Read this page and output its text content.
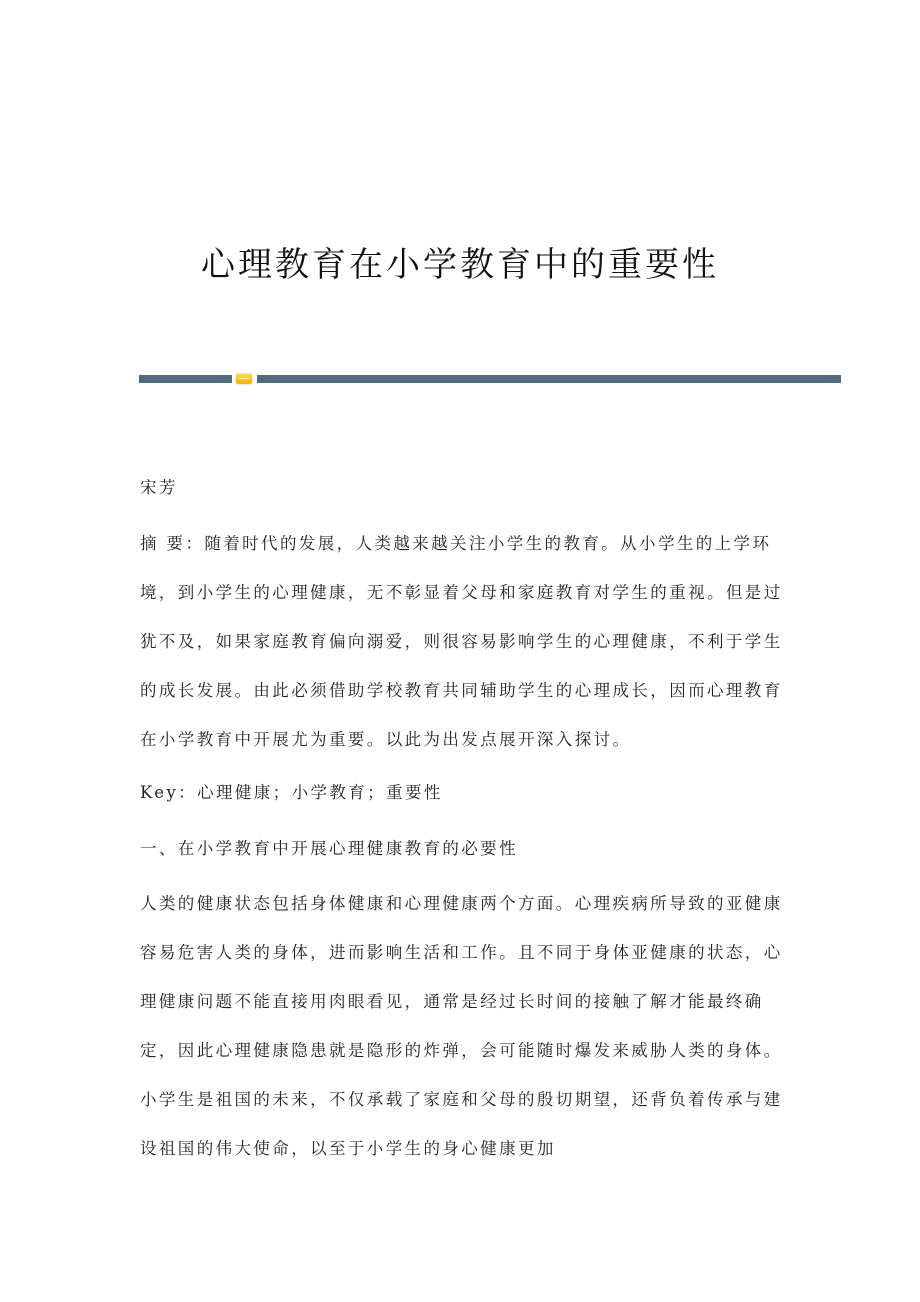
心理教育在小学教育中的重要性
宋芳
摘 要：随着时代的发展，人类越来越关注小学生的教育。从小学生的上学环
境，到小学生的心理健康，无不彰显着父母和家庭教育对学生的重视。但是过
犹不及，如果家庭教育偏向溺爱，则很容易影响学生的心理健康，不利于学生
的成长发展。由此必须借助学校教育共同辅助学生的心理成长，因而心理教育
在小学教育中开展尤为重要。以此为出发点展开深入探讨。
Key：心理健康；小学教育；重要性
一、在小学教育中开展心理健康教育的必要性
人类的健康状态包括身体健康和心理健康两个方面。心理疾病所导致的亚健康
容易危害人类的身体，进而影响生活和工作。且不同于身体亚健康的状态，心
理健康问题不能直接用肉眼看见，通常是经过长时间的接触了解才能最终确
定，因此心理健康隐患就是隐形的炸弹，会可能随时爆发来威胁人类的身体。
小学生是祖国的未来，不仅承载了家庭和父母的殷切期望，还背负着传承与建
设祖国的伟大使命，以至于小学生的身心健康更加
